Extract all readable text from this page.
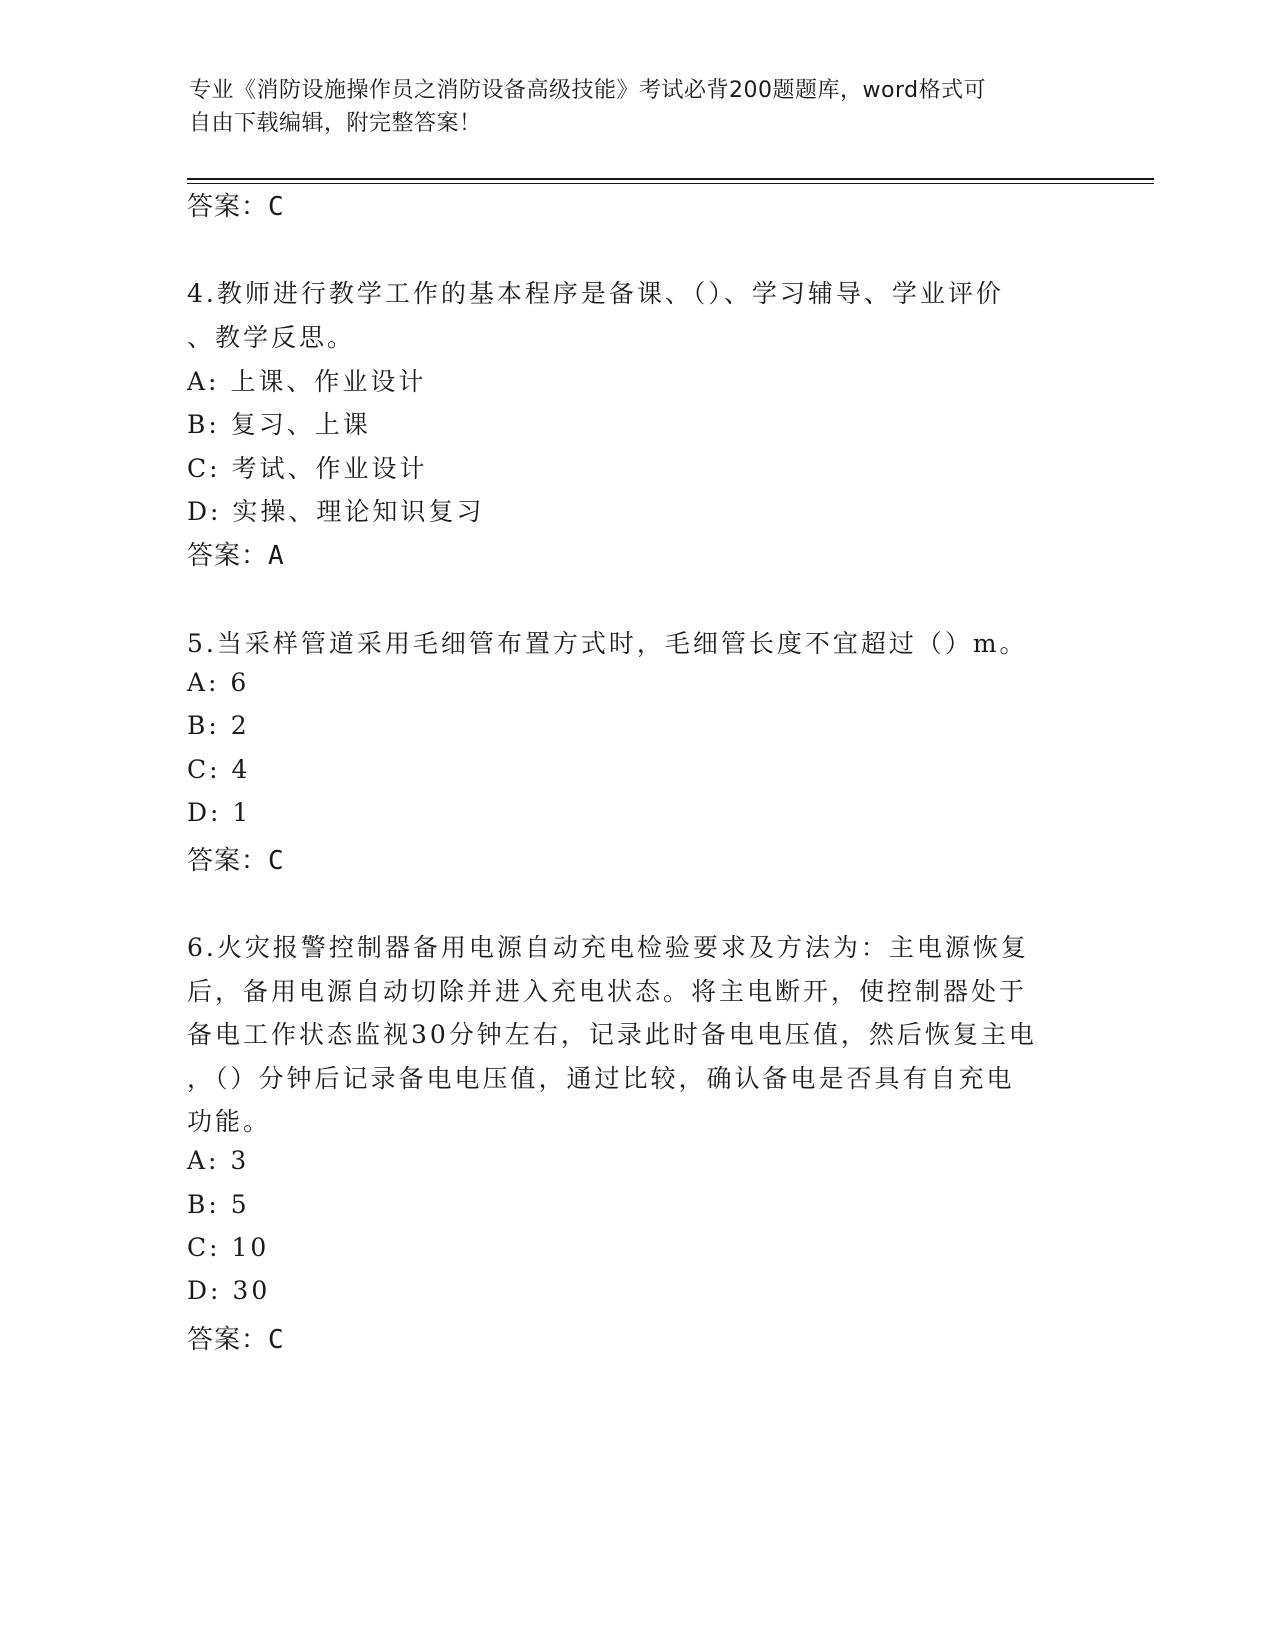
专业《消防设施操作员之消防设备高级技能》考试必背200题题库，word格式可
自由下载编辑，附完整答案！
答案：C
4.教师进行教学工作的基本程序是备课、（）、学习辅导、学业评价
、教学反思。
A: 上课、作业设计
B: 复习、上课
C: 考试、作业设计
D: 实操、理论知识复习
答案：A
5.当采样管道采用毛细管布置方式时，毛细管长度不宜超过（）m。
A: 6
B: 2
C: 4
D: 1
答案：C
6.火灾报警控制器备用电源自动充电检验要求及方法为：主电源恢复
后，备用电源自动切除并进入充电状态。将主电断开，使控制器处于
备电工作状态监视30分钟左右，记录此时备电电压值，然后恢复主电
，（）分钟后记录备电电压值，通过比较，确认备电是否具有自充电
功能。
A: 3
B: 5
C: 10
D: 30
答案：C
